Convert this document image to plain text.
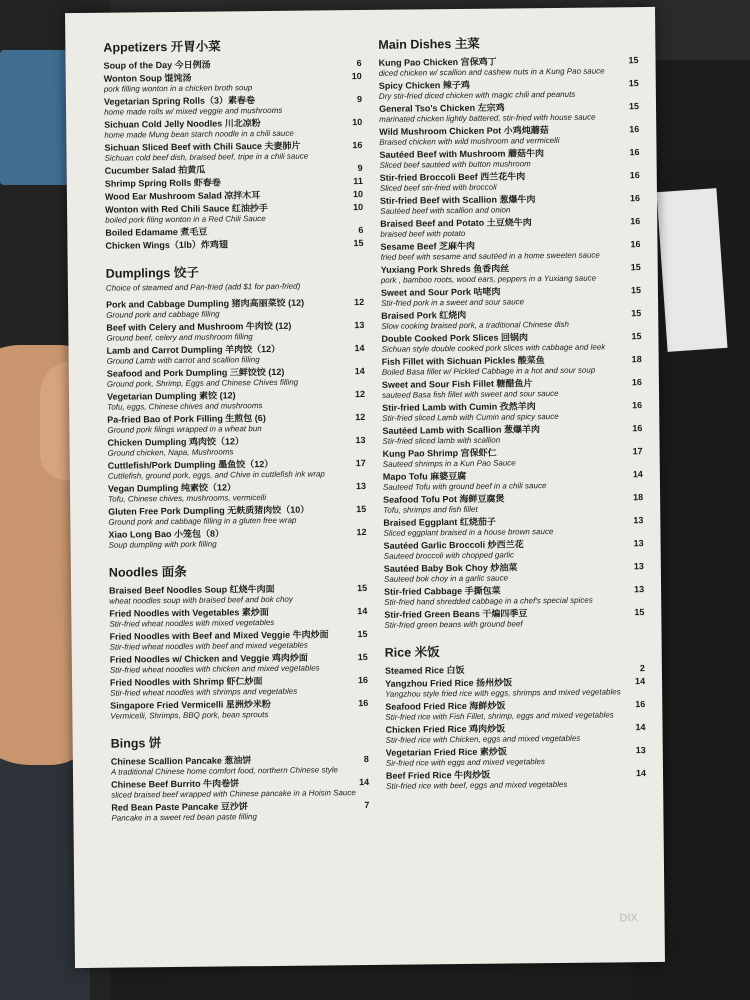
Appetizers 开胃小菜
Soup of the Day 今日例汤	6
Wonton Soup 馄饨汤	10
pork filling wonton in a chicken broth soup
Vegetarian Spring Rolls（3）素春卷	9
home made rolls w/ mixed veggie and mushrooms
Sichuan Cold Jelly Noodles 川北凉粉	10
home made Mung bean starch noodle in a chili sauce
Sichuan Sliced Beef with Chili Sauce 夫妻肺片	16
Sichuan cold beef dish, braised beef, tripe in a chili sauce
Cucumber Salad 拍黄瓜	9
Shrimp Spring Rolls 虾春卷	11
Wood Ear Mushroom Salad 凉拌木耳	10
Wonton with Red Chili Sauce 红油抄手	10
boiled pork filing wonton in a Red Chili Sauce
Boiled Edamame 煮毛豆	6
Chicken Wings（1lb）炸鸡翅	15
Dumplings 饺子
Choice of steamed and Pan-fried (add $1 for pan-fried)
Pork and Cabbage Dumpling 猪肉高丽菜饺 (12)	12
Ground pork and cabbage filling
Beef with Celery and Mushroom 牛肉饺 (12)	13
Ground beef, celery and mushroom filling
Lamb and Carrot Dumpling 羊肉饺（12）	14
Ground Lamb with carrot and scallion filling
Seafood and Pork Dumpling 三鲜饺饺 (12)	14
Ground pork, Shrimp, Eggs and Chinese Chives filling
Vegetarian Dumpling 素饺 (12)	12
Tofu, eggs, Chinese chives and mushrooms
Pa-fried Bao of Pork Filling 生煎包 (6)	12
Ground pork filings wrapped in a wheat bun
Chicken Dumpling 鸡肉饺（12）	13
Ground chicken, Napa, Mushrooms
Cuttlefish/Pork Dumpling 墨鱼饺（12）	17
Cuttlefish, ground pork, eggs, and Chive in cuttlefish ink wrap
Vegan Dumpling 纯素饺（12）	13
Tofu, Chinese chives, mushrooms, vermicelli
Gluten Free Pork Dumpling 无麸质猪肉饺（10）	15
Ground pork and cabbage filling in a gluten free wrap
Xiao Long Bao 小笼包（8）	12
Soup dumpling with pork filling
Noodles 面条
Braised Beef Noodles Soup 红烧牛肉面	15
wheat noodles soup with braised beef and bok choy
Fried Noodles with Vegetables 素炒面	14
Stir-fried wheat noodles with mixed vegetables
Fried Noodles with Beef and Mixed Veggie 牛肉炒面	15
Stir-fried wheat noodles with beef and mixed vegetables
Fried Noodles w/ Chicken and Veggie 鸡肉炒面	15
Stir-fried wheat noodles with chicken and mixed vegetables
Fried Noodles with Shrimp 虾仁炒面	16
Stir-fried wheat noodles with shrimps and vegetables
Singapore Fried Vermicelli 星洲炒米粉	16
Vermicelli, Shrimps, BBQ pork, bean sprouts
Bings 饼
Chinese Scallion Pancake 葱油饼	8
A traditional Chinese home comfort food, northern Chinese style
Chinese Beef Burrito 牛肉卷饼	14
sliced braised beef wrapped with Chinese pancake in a Hoisin Sauce
Red Bean Paste Pancake 豆沙饼	7
Pancake in a sweet red bean paste filling
Main Dishes 主菜
Kung Pao Chicken 宫保鸡丁	15
diced chicken w/ scallion and cashew nuts in a Kung Pao sauce
Spicy Chicken 辣子鸡	15
Dry stir-fried diced chicken with magic chili and peanuts
General Tso's Chicken 左宗鸡	15
marinated chicken lightly battered, stir-fried with house sauce
Wild Mushroom Chicken Pot 小鸡炖蘑菇	16
Braised chicken with wild mushroom and vermicelli
Sautéed Beef with Mushroom 蘑菇牛肉	16
Sliced beef sautéed with button mushroom
Stir-fried Broccoli Beef 西兰花牛肉	16
Sliced beef stir-fried with broccoli
Stir-fried Beef with Scallion 葱爆牛肉	16
Sautéed beef with scallion and onion
Braised Beef and Potato 土豆烧牛肉	16
braised beef with potato
Sesame Beef 芝麻牛肉	16
fried beef with sesame and sautéed in a home sweeten sauce
Yuxiang Pork Shreds 鱼香肉丝	15
pork , bamboo roots, wood ears, peppers in a Yuxiang sauce
Sweet and Sour Pork 咕咾肉	15
Stir-fried pork in a sweet and sour sauce
Braised Pork 红烧肉	15
Slow cooking braised pork, a traditional Chinese dish
Double Cooked Pork Slices 回锅肉	15
Sichuan style double cooked pork slices with cabbage and leek
Fish Fillet with Sichuan Pickles 酸菜鱼	18
Boiled Basa fillet w/ Pickled Cabbage in a hot and sour soup
Sweet and Sour Fish Fillet 糖醋鱼片	16
sauteed Basa fish fillet with sweet and sour sauce
Stir-fried Lamb with Cumin 孜然羊肉	16
Stir-fried sliced Lamb with Cumin and spicy sauce
Sautéed Lamb with Scallion 葱爆羊肉	16
Stir-fried sliced lamb with scallion
Kung Pao Shrimp 宫保虾仁	17
Sauteed shrimps in a Kun Pao Sauce
Mapo Tofu 麻婆豆腐	14
Sauteed Tofu with ground beef in a chili sauce
Seafood Tofu Pot 海鲜豆腐煲	18
Tofu, shrimps and fish fillet
Braised Eggplant 红烧茄子	13
Sliced eggplant braised in a house brown sauce
Sautéed Garlic Broccoli 炒西兰花	13
Sauteed broccoli with chopped garlic
Sautéed Baby Bok Choy 炒油菜	13
Sauteed bok choy in a garlic sauce
Stir-fried Cabbage 手撕包菜	13
Stir-fried hand shredded cabbage in a chef's special spices
Stir-fried Green Beans 干煸四季豆	15
Stir-fried green beans with ground beef
Rice 米饭
Steamed Rice 白饭	2
Yangzhou Fried Rice 扬州炒饭	14
Yangzhou style fried rice with eggs, shrimps and mixed vegetables
Seafood Fried Rice 海鲜炒饭	16
Stir-fried rice with Fish Fillet, shrimp, eggs and mixed vegetables
Chicken Fried Rice 鸡肉炒饭	14
Stir-fried rice with Chicken, eggs and mixed vegetables
Vegetarian Fried Rice 素炒饭	13
Sir-fried rice with eggs and mixed vegetables
Beef Fried Rice 牛肉炒饭	14
Stir-fried rice with beef, eggs and mixed vegetables
DIX
